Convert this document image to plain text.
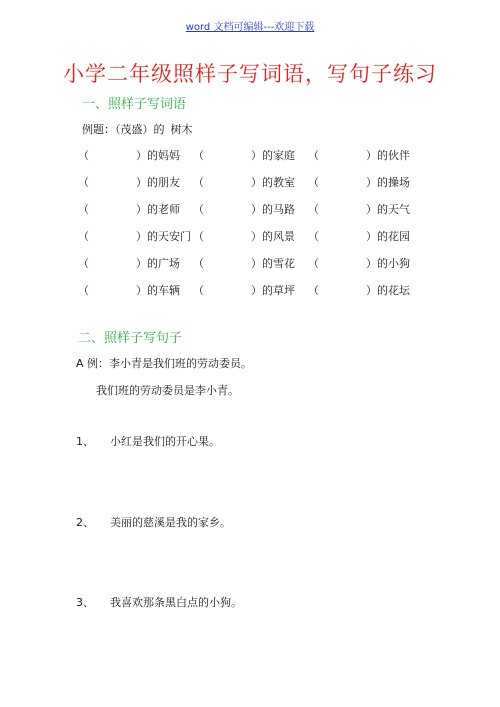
word 文档可编辑---欢迎下载
小学二年级照样子写词语，写句子练习
一、照样子写词语
例题：（茂盛）的 树木
（	）的 妈妈 （	）的 家庭 （	）的 伙伴
（	）的 朋友 （	）的 教室 （	）的 操场
（	）的 老师 （	）的 马路 （	）的 天气
（	）的 天安门 （	）的 风景 （	）的 花园
（	）的 广场 （	）的 雪花 （	）的 小狗
（	）的 车辆 （	）的 草坪 （	）的 花坛
二、照样子写句子
A 例：李小青是我们班的劳动委员。
我们班的劳动委员是李小青。
1、	小红是我们的开心果。
2、	美丽的慈溪是我的家乡。
3、	我喜欢那条黑白点的小狗。
